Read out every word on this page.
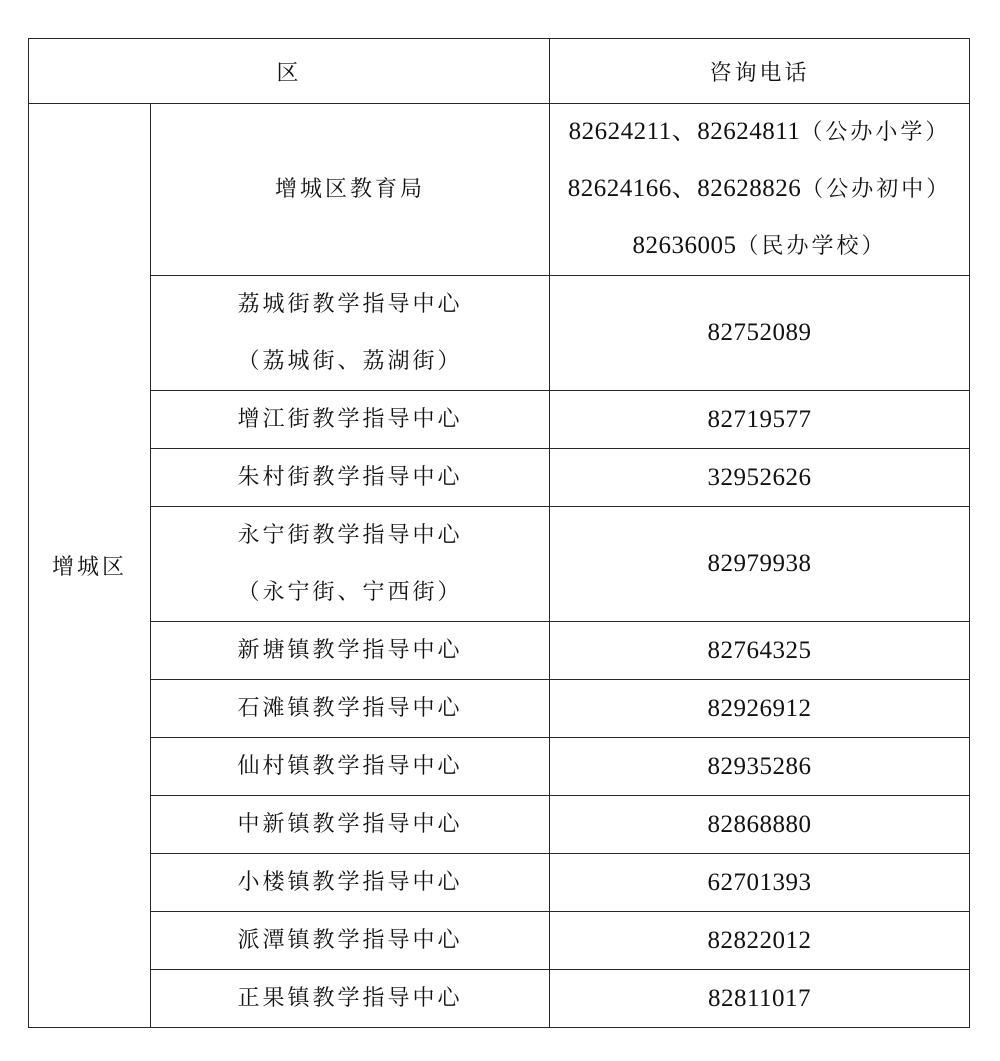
区		咨询电话
增城区	增城区教育局	82624211、82624811（公办小学）
82624166、82628826（公办初中）
82636005（民办学校）

	荔城街教学指导中心
（荔城街、荔湖街）	82752089

	增江街教学指导中心	82719577

	朱村街教学指导中心	32952626

	永宁街教学指导中心
（永宁街、宁西街）	82979938

	新塘镇教学指导中心	82764325

	石滩镇教学指导中心	82926912

	仙村镇教学指导中心	82935286

	中新镇教学指导中心	82868880

	小楼镇教学指导中心	62701393

	派潭镇教学指导中心	82822012

	正果镇教学指导中心	82811017
